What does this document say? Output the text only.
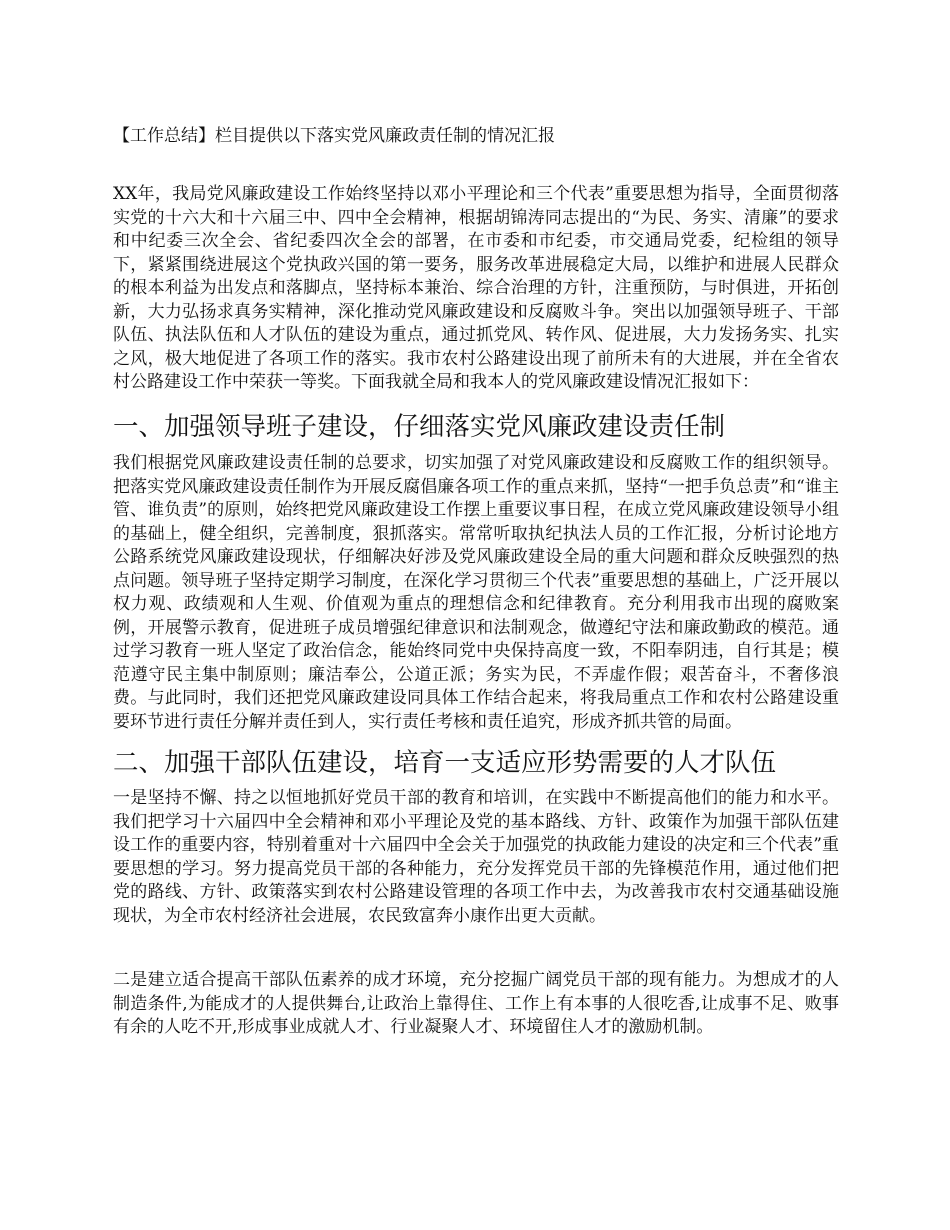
【工作总结】栏目提供以下落实党风廉政责任制的情况汇报

XX年，我局党风廉政建设工作始终坚持以邓小平理论和三个代表”重要思想为指导，全面贯彻落实党的十六大和十六届三中、四中全会精神，根据胡锦涛同志提出的“为民、务实、清廉”的要求和中纪委三次全会、省纪委四次全会的部署，在市委和市纪委，市交通局党委，纪检组的领导下，紧紧围绕进展这个党执政兴国的第一要务，服务改革进展稳定大局，以维护和进展人民群众的根本利益为出发点和落脚点，坚持标本兼治、综合治理的方针，注重预防，与时俱进，开拓创新，大力弘扬求真务实精神，深化推动党风廉政建设和反腐败斗争。突出以加强领导班子、干部队伍、执法队伍和人才队伍的建设为重点，通过抓党风、转作风、促进展，大力发扬务实、扎实之风，极大地促进了各项工作的落实。我市农村公路建设出现了前所未有的大进展，并在全省农村公路建设工作中荣获一等奖。下面我就全局和我本人的党风廉政建设情况汇报如下：

一、加强领导班子建设，仔细落实党风廉政建设责任制

我们根据党风廉政建设责任制的总要求，切实加强了对党风廉政建设和反腐败工作的组织领导。把落实党风廉政建设责任制作为开展反腐倡廉各项工作的重点来抓，坚持“一把手负总责”和“谁主管、谁负责”的原则，始终把党风廉政建设工作摆上重要议事日程，在成立党风廉政建设领导小组的基础上，健全组织，完善制度，狠抓落实。常常听取执纪执法人员的工作汇报，分析讨论地方公路系统党风廉政建设现状，仔细解决好涉及党风廉政建设全局的重大问题和群众反映强烈的热点问题。领导班子坚持定期学习制度，在深化学习贯彻三个代表”重要思想的基础上，广泛开展以权力观、政绩观和人生观、价值观为重点的理想信念和纪律教育。充分利用我市出现的腐败案例，开展警示教育，促进班子成员增强纪律意识和法制观念，做遵纪守法和廉政勤政的模范。通过学习教育一班人坚定了政治信念，能始终同党中央保持高度一致，不阳奉阴违，自行其是；模范遵守民主集中制原则；廉洁奉公，公道正派；务实为民，不弄虚作假；艰苦奋斗，不奢侈浪费。与此同时，我们还把党风廉政建设同具体工作结合起来，将我局重点工作和农村公路建设重要环节进行责任分解并责任到人，实行责任考核和责任追究，形成齐抓共管的局面。

二、加强干部队伍建设，培育一支适应形势需要的人才队伍

一是坚持不懈、持之以恒地抓好党员干部的教育和培训，在实践中不断提高他们的能力和水平。我们把学习十六届四中全会精神和邓小平理论及党的基本路线、方针、政策作为加强干部队伍建设工作的重要内容，特别着重对十六届四中全会关于加强党的执政能力建设的决定和三个代表”重要思想的学习。努力提高党员干部的各种能力，充分发挥党员干部的先锋模范作用，通过他们把党的路线、方针、政策落实到农村公路建设管理的各项工作中去，为改善我市农村交通基础设施现状，为全市农村经济社会进展，农民致富奔小康作出更大贡献。

二是建立适合提高干部队伍素养的成才环境，充分挖掘广阔党员干部的现有能力。为想成才的人制造条件,为能成才的人提供舞台,让政治上靠得住、工作上有本事的人很吃香,让成事不足、败事有余的人吃不开,形成事业成就人才、行业凝聚人才、环境留住人才的激励机制。
